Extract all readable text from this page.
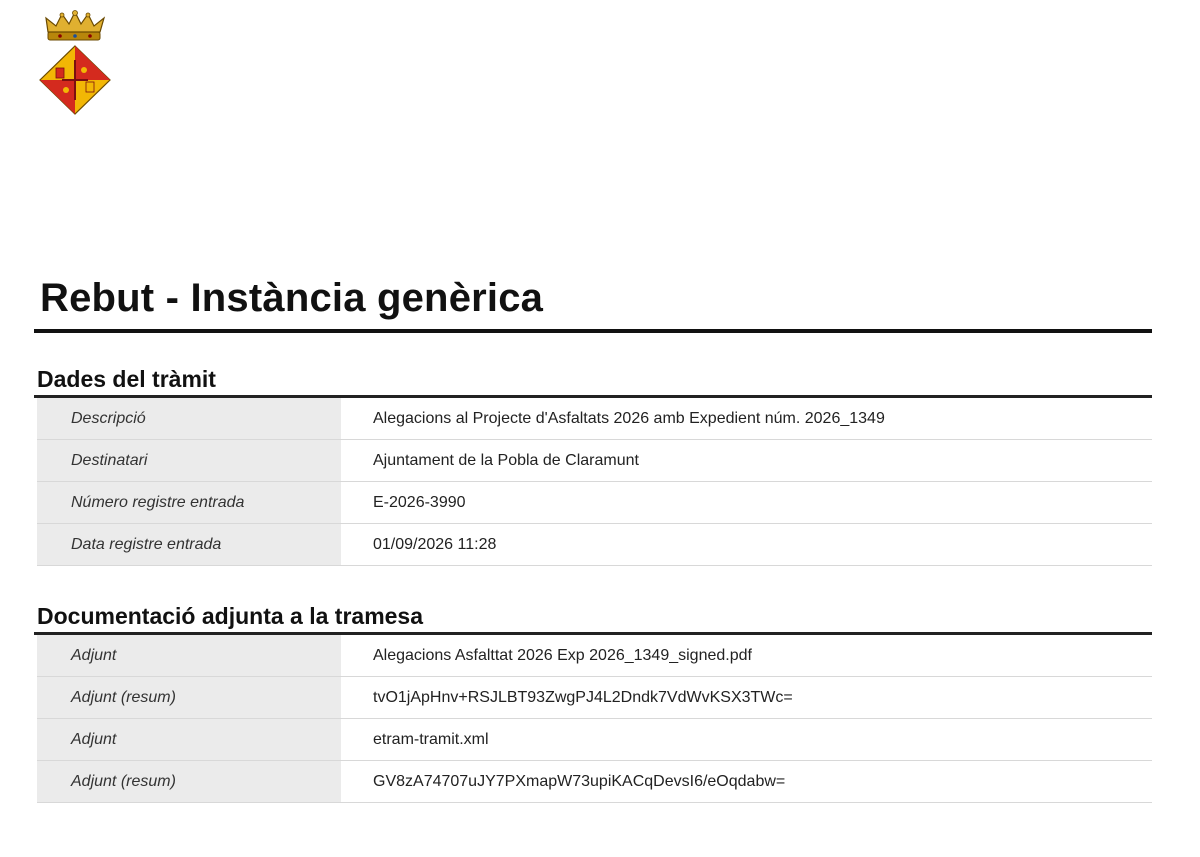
Rebut - Instància genèrica
Dades del tràmit
Descripció	Alegacions al Projecte d'Asfaltats 2026 amb Expedient núm. 2026_1349
Destinatari	Ajuntament de la Pobla de Claramunt
Número registre entrada	E-2026-3990
Data registre entrada	01/09/2026 11:28
Documentació adjunta a la tramesa
Adjunt	Alegacions Asfalttat 2026 Exp 2026_1349_signed.pdf
Adjunt (resum)	tvO1jApHnv+RSJLBT93ZwgPJ4L2Dndk7VdWvKSX3TWc=
Adjunt	etram-tramit.xml
Adjunt (resum)	GV8zA74707uJY7PXmapW73upiKACqDevsI6/eOqdabw=
